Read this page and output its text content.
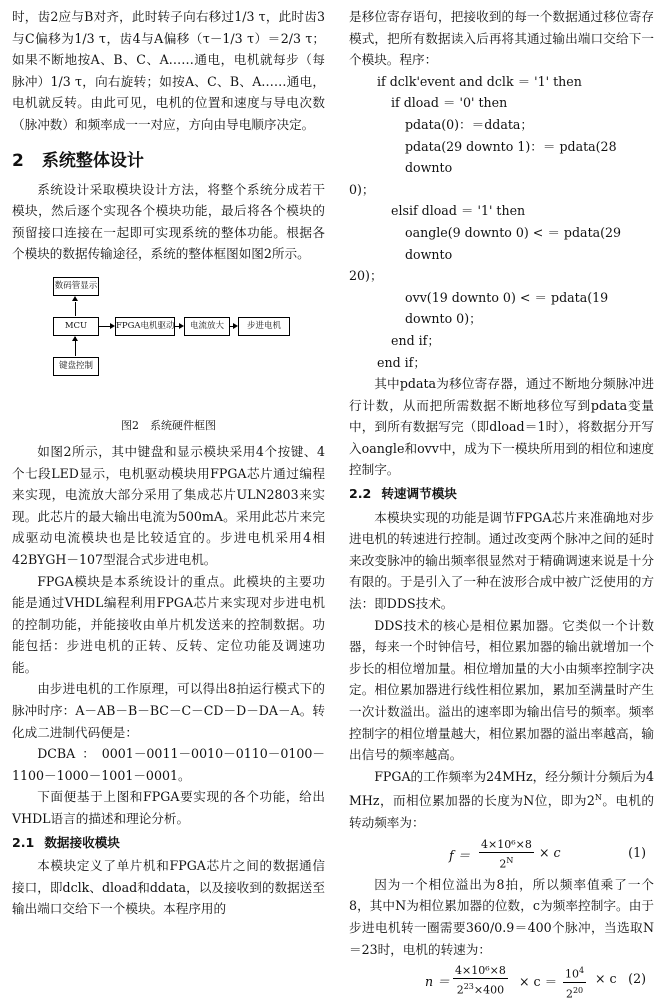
时，齿2应与B对齐，此时转子向右移过1/3 τ，此时齿3与C偏移为1/3 τ，齿4与A偏移（τ－1/3 τ）＝2/3 τ；如果不断地按A、B、C、A……通电，电机就每步（每脉冲）1/3 τ，向右旋转；如按A、C、B、A……通电，电机就反转。由此可见，电机的位置和速度与导电次数（脉冲数）和频率成一一对应，方向由导电顺序决定。

2 系统整体设计

系统设计采取模块设计方法，将整个系统分成若干模块，然后逐个实现各个模块功能，最后将各个模块的预留接口连接在一起即可实现系统的整体功能。根据各个模块的数据传输途径，系统的整体框图如图2所示。

数码管显示
MCU	FPGA电机驱动	电流放大	步进电机
键盘控制
图2　系统硬件框图

如图2所示，其中键盘和显示模块采用4个按键、4个七段LED显示，电机驱动模块用FPGA芯片通过编程来实现，电流放大部分采用了集成芯片ULN2803来实现。此芯片的最大输出电流为500mA。采用此芯片来完成驱动电流模块也是比较适宜的。步进电机采用4相42BYGH－107型混合式步进电机。

FPGA模块是本系统设计的重点。此模块的主要功能是通过VHDL编程利用FPGA芯片来实现对步进电机的控制功能，并能接收由单片机发送来的控制数据。功能包括：步进电机的正转、反转、定位功能及调速功能。

由步进电机的工作原理，可以得出8拍运行模式下的脉冲时序：A－AB－B－BC－C－CD－D－DA－A。转化成二进制代码便是：

DCBA：0001－0011－0010－0110－0100－1100－1000－1001－0001。

下面便基于上图和FPGA要实现的各个功能，给出VHDL语言的描述和理论分析。

2.1 数据接收模块

本模块定义了单片机和FPGA芯片之间的数据通信接口，即dclk、dload和ddata，以及接收到的数据送至输出端口交给下一个模块。本程序用的

是移位寄存语句，把接收到的每一个数据通过移位寄存模式，把所有数据读入后再将其通过输出端口交给下一个模块。程序：

if dclk'event and dclk ＝ '1' then

if dload ＝ '0' then

pdata(0)：＝ddata；

pdata(29 downto 1)：＝ pdata(28 downto

0)；

elsif dload ＝ '1' then

oangle(9 downto 0) < ＝ pdata(29 downto

20)；

ovv(19 downto 0) < ＝ pdata(19 downto 0)；

end if；

end if；

其中pdata为移位寄存器，通过不断地分频脉冲进行计数，从而把所需数据不断地移位写到pdata变量中，到所有数据写完（即dload＝1时），将数据分开写入oangle和ovv中，成为下一模块所用到的相位和速度控制字。

2.2 转速调节模块

本模块实现的功能是调节FPGA芯片来准确地对步进电机的转速进行控制。通过改变两个脉冲之间的延时来改变脉冲的输出频率很显然对于精确调速来说是十分有限的。于是引入了一种在波形合成中被广泛使用的方法：即DDS技术。

DDS技术的核心是相位累加器。它类似一个计数器，每来一个时钟信号，相位累加器的输出就增加一个步长的相位增加量。相位增加量的大小由频率控制字决定。相位累加器进行线性相位累加，累加至满量时产生一次计数溢出。溢出的速率即为输出信号的频率。频率控制字的相位增量越大，相位累加器的溢出率越高，输出信号的频率越高。

FPGA的工作频率为24MHz，经分频计分频后为4 MHz，而相位累加器的长度为N位，即为$2^N$。电机的转动频率为：

$f = \frac{\text{4×10⁶×8}}{2^N} \times c$	(1)

因为一个相位溢出为8拍，所以频率值乘了一个8，其中N为相位累加器的位数，c为频率控制字。由于步进电机转一圈需要360/0.9＝400个脉冲，当选取N＝23时，电机的转速为：

$n = \frac{\text{4×10⁶×8}}{2^{23}\times 400} \times c = \frac{10^4}{2^{20}} \times c$ (2)
